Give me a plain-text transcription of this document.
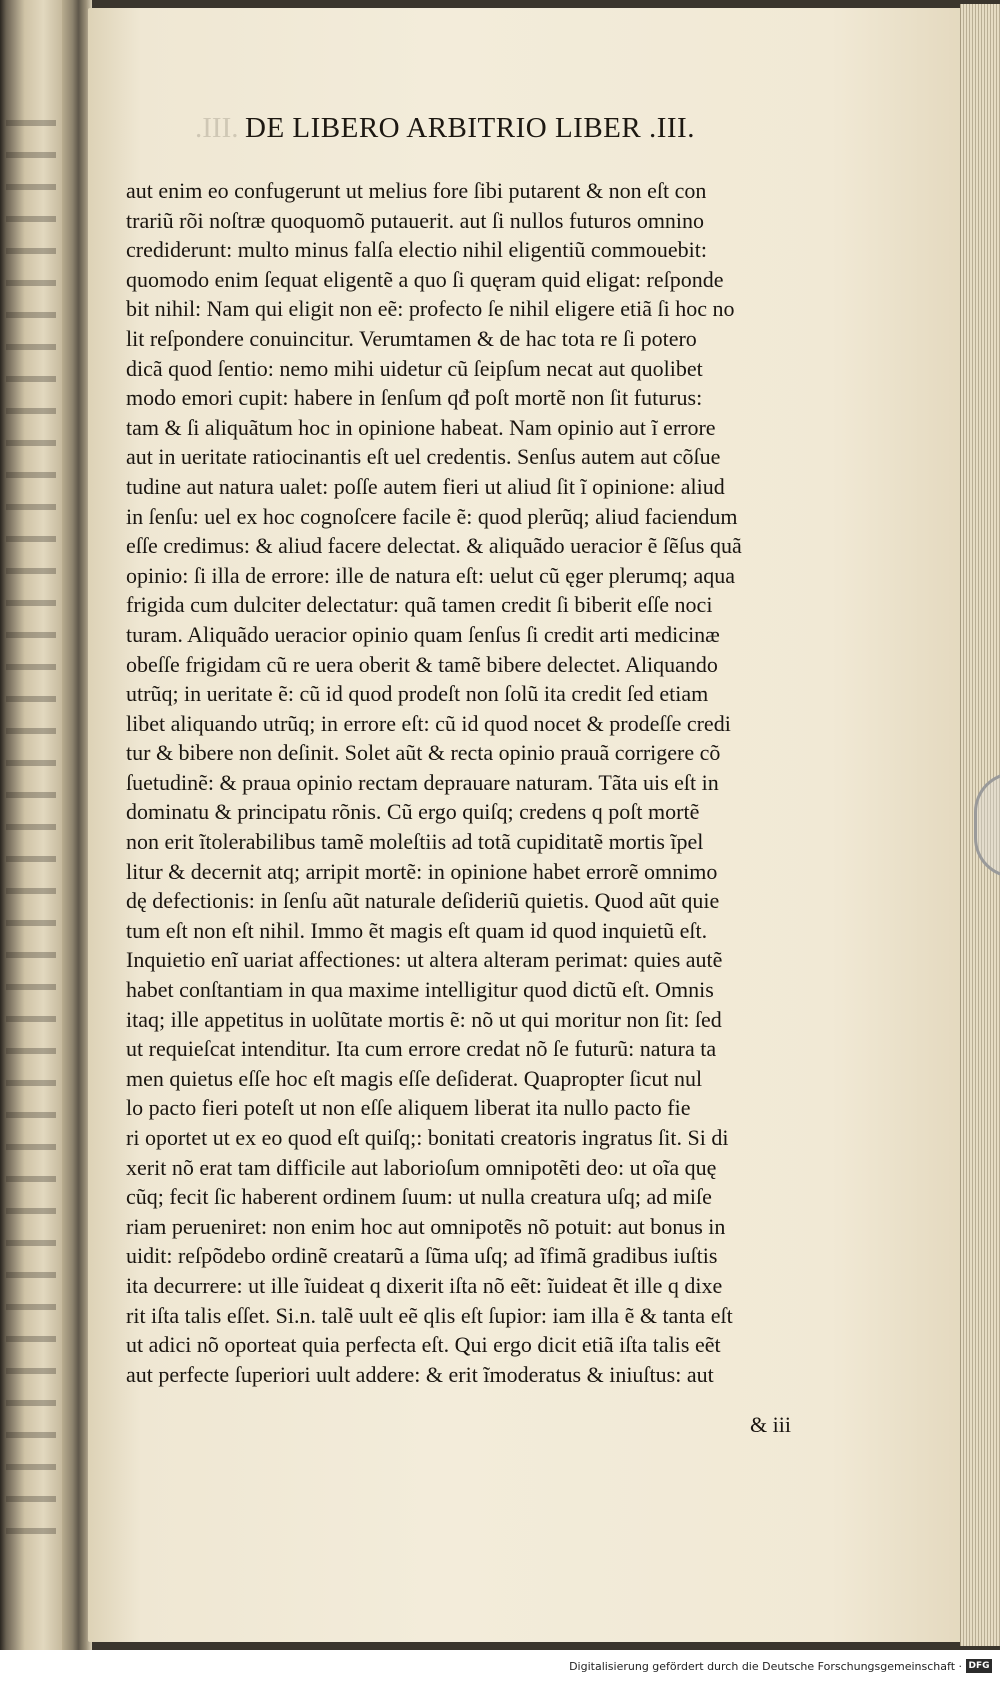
.III. DE LIBERO ARBITRIO LIBER .III.
aut enim eo confugerunt ut melius fore ſibi putarent & non eſt con
trariũ rõi noſtræ quoquomõ putauerit. aut ſi nullos futuros omnino
crediderunt: multo minus falſa electio nihil eligentiũ commouebit:
quomodo enim ſequat eligentẽ a quo ſi quęram quid eligat: reſponde
bit nihil: Nam qui eligit non eẽ: profecto ſe nihil eligere etiã ſi hoc no
lit reſpondere conuincitur. Verumtamen & de hac tota re ſi potero
dicã quod ſentio: nemo mihi uidetur cũ ſeipſum necat aut quolibet
modo emori cupit: habere in ſenſum qđ poſt mortẽ non ſit futurus:
tam & ſi aliquãtum hoc in opinione habeat. Nam opinio aut ĩ errore
aut in ueritate ratiocinantis eſt uel credentis. Senſus autem aut cõſue
tudine aut natura ualet: poſſe autem fieri ut aliud ſit ĩ opinione: aliud
in ſenſu: uel ex hoc cognoſcere facile ẽ: quod plerũq; aliud faciendum
eſſe credimus: & aliud facere delectat. & aliquãdo ueracior ẽ ſẽſus quã
opinio: ſi illa de errore: ille de natura eſt: uelut cũ ęger plerumq; aqua
frigida cum dulciter delectatur: quã tamen credit ſi biberit eſſe noci
turam. Aliquãdo ueracior opinio quam ſenſus ſi credit arti medicinæ
obeſſe frigidam cũ re uera oberit & tamẽ bibere delectet. Aliquando
utrũq; in ueritate ẽ: cũ id quod prodeſt non ſolũ ita credit ſed etiam
libet aliquando utrũq; in errore eſt: cũ id quod nocet & prodeſſe credi
tur & bibere non deſinit. Solet aũt & recta opinio prauã corrigere cõ
ſuetudinẽ: & praua opinio rectam deprauare naturam. Tãta uis eſt in
dominatu & principatu rõnis. Cũ ergo quiſq; credens q poſt mortẽ
non erit ĩtolerabilibus tamẽ moleſtiis ad totã cupiditatẽ mortis ĩpel
litur & decernit atq; arripit mortẽ: in opinione habet errorẽ omnimo
dę defectionis: in ſenſu aũt naturale deſideriũ quietis. Quod aũt quie
tum eſt non eſt nihil. Immo ẽt magis eſt quam id quod inquietũ eſt.
Inquietio enĩ uariat affectiones: ut altera alteram perimat: quies autẽ
habet conſtantiam in qua maxime intelligitur quod dictũ eſt. Omnis
itaq; ille appetitus in uolũtate mortis ẽ: nõ ut qui moritur non ſit: ſed
ut requieſcat intenditur. Ita cum errore credat nõ ſe futurũ: natura ta
men quietus eſſe hoc eſt magis eſſe deſiderat. Quapropter ſicut nul
lo pacto fieri poteſt ut non eſſe aliquem liberat ita nullo pacto fie
ri oportet ut ex eo quod eſt quiſq;: bonitati creatoris ingratus ſit. Si di
xerit nõ erat tam difficile aut laborioſum omnipotẽti deo: ut oĩa quę
cũq; fecit ſic haberent ordinem ſuum: ut nulla creatura uſq; ad miſe
riam perueniret: non enim hoc aut omnipotẽs nõ potuit: aut bonus in
uidit: reſpõdebo ordinẽ creatarũ a ſũma uſq; ad ĩfimã gradibus iuſtis
ita decurrere: ut ille ĩuideat q dixerit iſta nõ eẽt: ĩuideat ẽt ille q dixe
rit iſta talis eſſet. Si.n. talẽ uult eẽ qlis eſt ſupior: iam illa ẽ & tanta eſt
ut adici nõ oporteat quia perfecta eſt. Qui ergo dicit etiã iſta talis eẽt
aut perfecte ſuperiori uult addere: & erit ĩmoderatus & iniuſtus: aut
& iii
Digitalisierung gefördert durch die Deutsche Forschungsgemeinschaft · DFG
